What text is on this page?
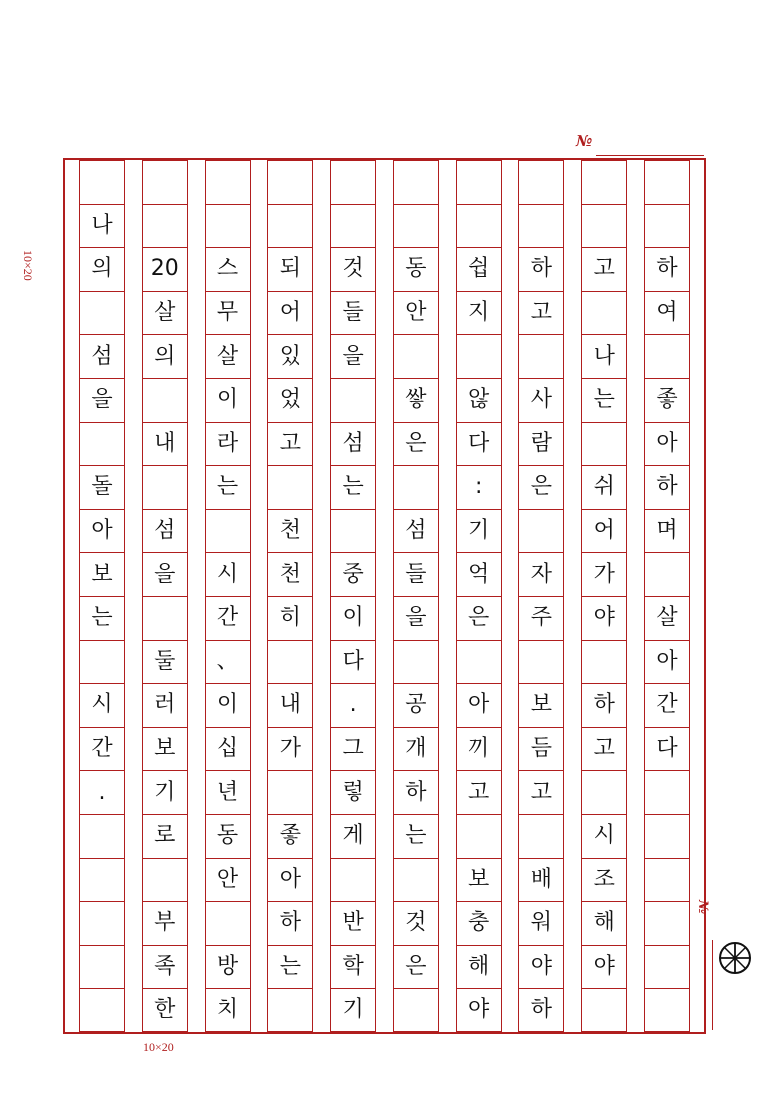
№
№
10×20
10×20
나
의
섬
을
돌
아
보
는
시
간
.
20
살
의
내
섬
을
둘
러
보
기
로
부
족
한
스
무
살
이
라
는
시
간
、
이
십
년
동
안
방
치
되
어
있
었
고
천
천
히
내
가
좋
아
하
는
것
들
을
섬
는
중
이
다
.
그
렇
게
반
학
기
동
안
쌓
은
섬
들
을
공
개
하
는
것
은
쉽
지
않
다
:
기
억
은
아
끼
고
보
충
해
야
하
고
사
람
은
자
주
보
듬
고
배
워
야
하
고
나
는
쉬
어
가
야
하
고
시
조
해
야
하
여
좋
아
하
며
살
아
간
다
